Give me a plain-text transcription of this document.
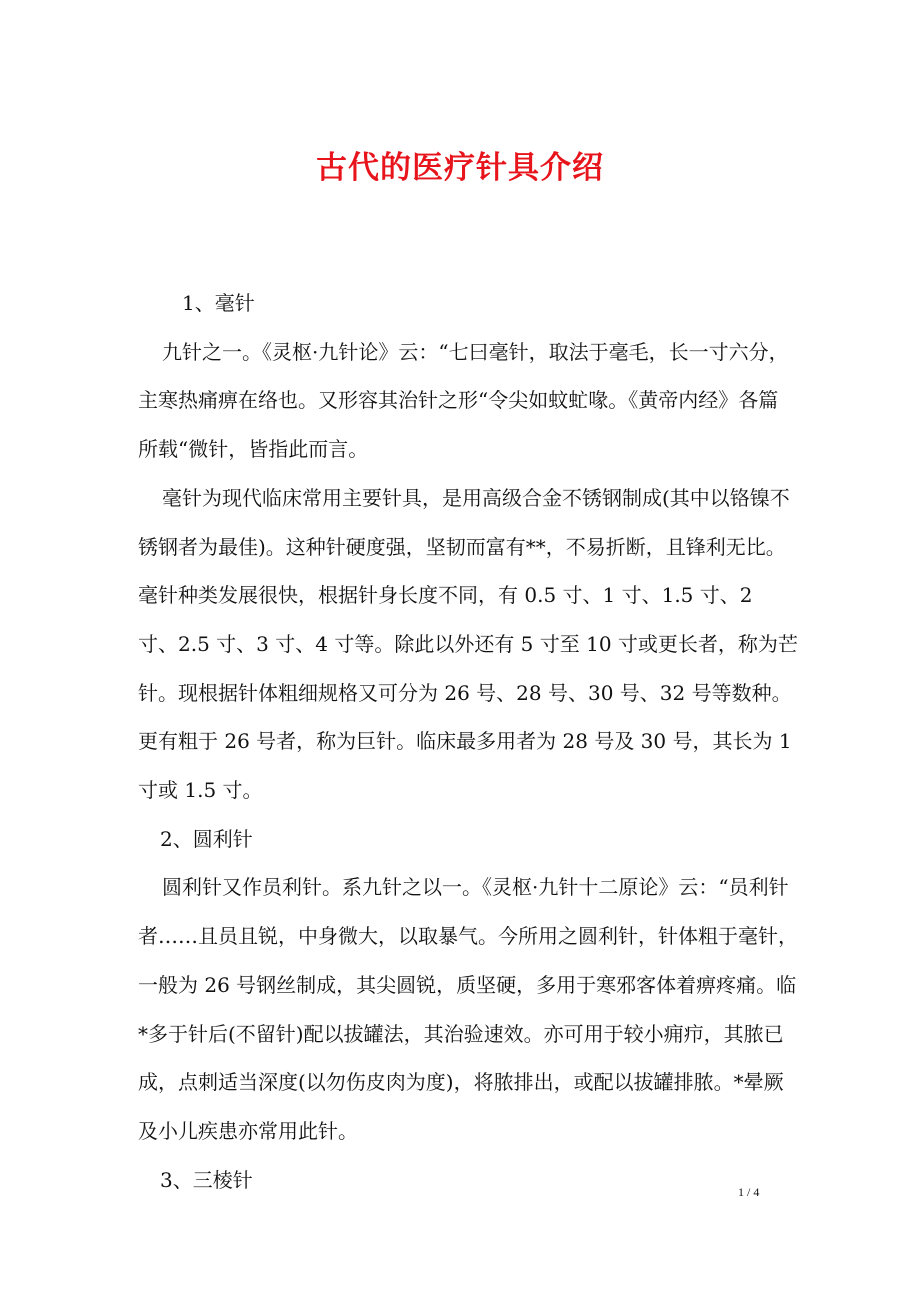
古代的医疗针具介绍

1、毫针

九针之一。《灵枢·九针论》云：“七曰毫针，取法于毫毛，长一寸六分，主寒热痛痹在络也。又形容其治针之形“令尖如蚊虻喙。《黄帝内经》各篇所载“微针，皆指此而言。

毫针为现代临床常用主要针具，是用高级合金不锈钢制成(其中以铬镍不锈钢者为最佳)。这种针硬度强，坚韧而富有**，不易折断，且锋利无比。毫针种类发展很快，根据针身长度不同，有 0.5 寸、1 寸、1.5 寸、2 寸、2.5 寸、3 寸、4 寸等。除此以外还有 5 寸至 10 寸或更长者，称为芒针。现根据针体粗细规格又可分为 26 号、28 号、30 号、32 号等数种。更有粗于 26 号者，称为巨针。临床最多用者为 28 号及 30 号，其长为 1 寸或 1.5 寸。

2、圆利针

圆利针又作员利针。系九针之以一。《灵枢·九针十二原论》云：“员利针者……且员且锐，中身微大，以取暴气。今所用之圆利针，针体粗于毫针，一般为 26 号钢丝制成，其尖圆锐，质坚硬，多用于寒邪客体着痹疼痛。临*多于针后(不留针)配以拔罐法，其治验速效。亦可用于较小痈疖，其脓已成，点刺适当深度(以勿伤皮肉为度)，将脓排出，或配以拔罐排脓。*晕厥及小儿疾患亦常用此针。

3、三棱针

1 / 4
